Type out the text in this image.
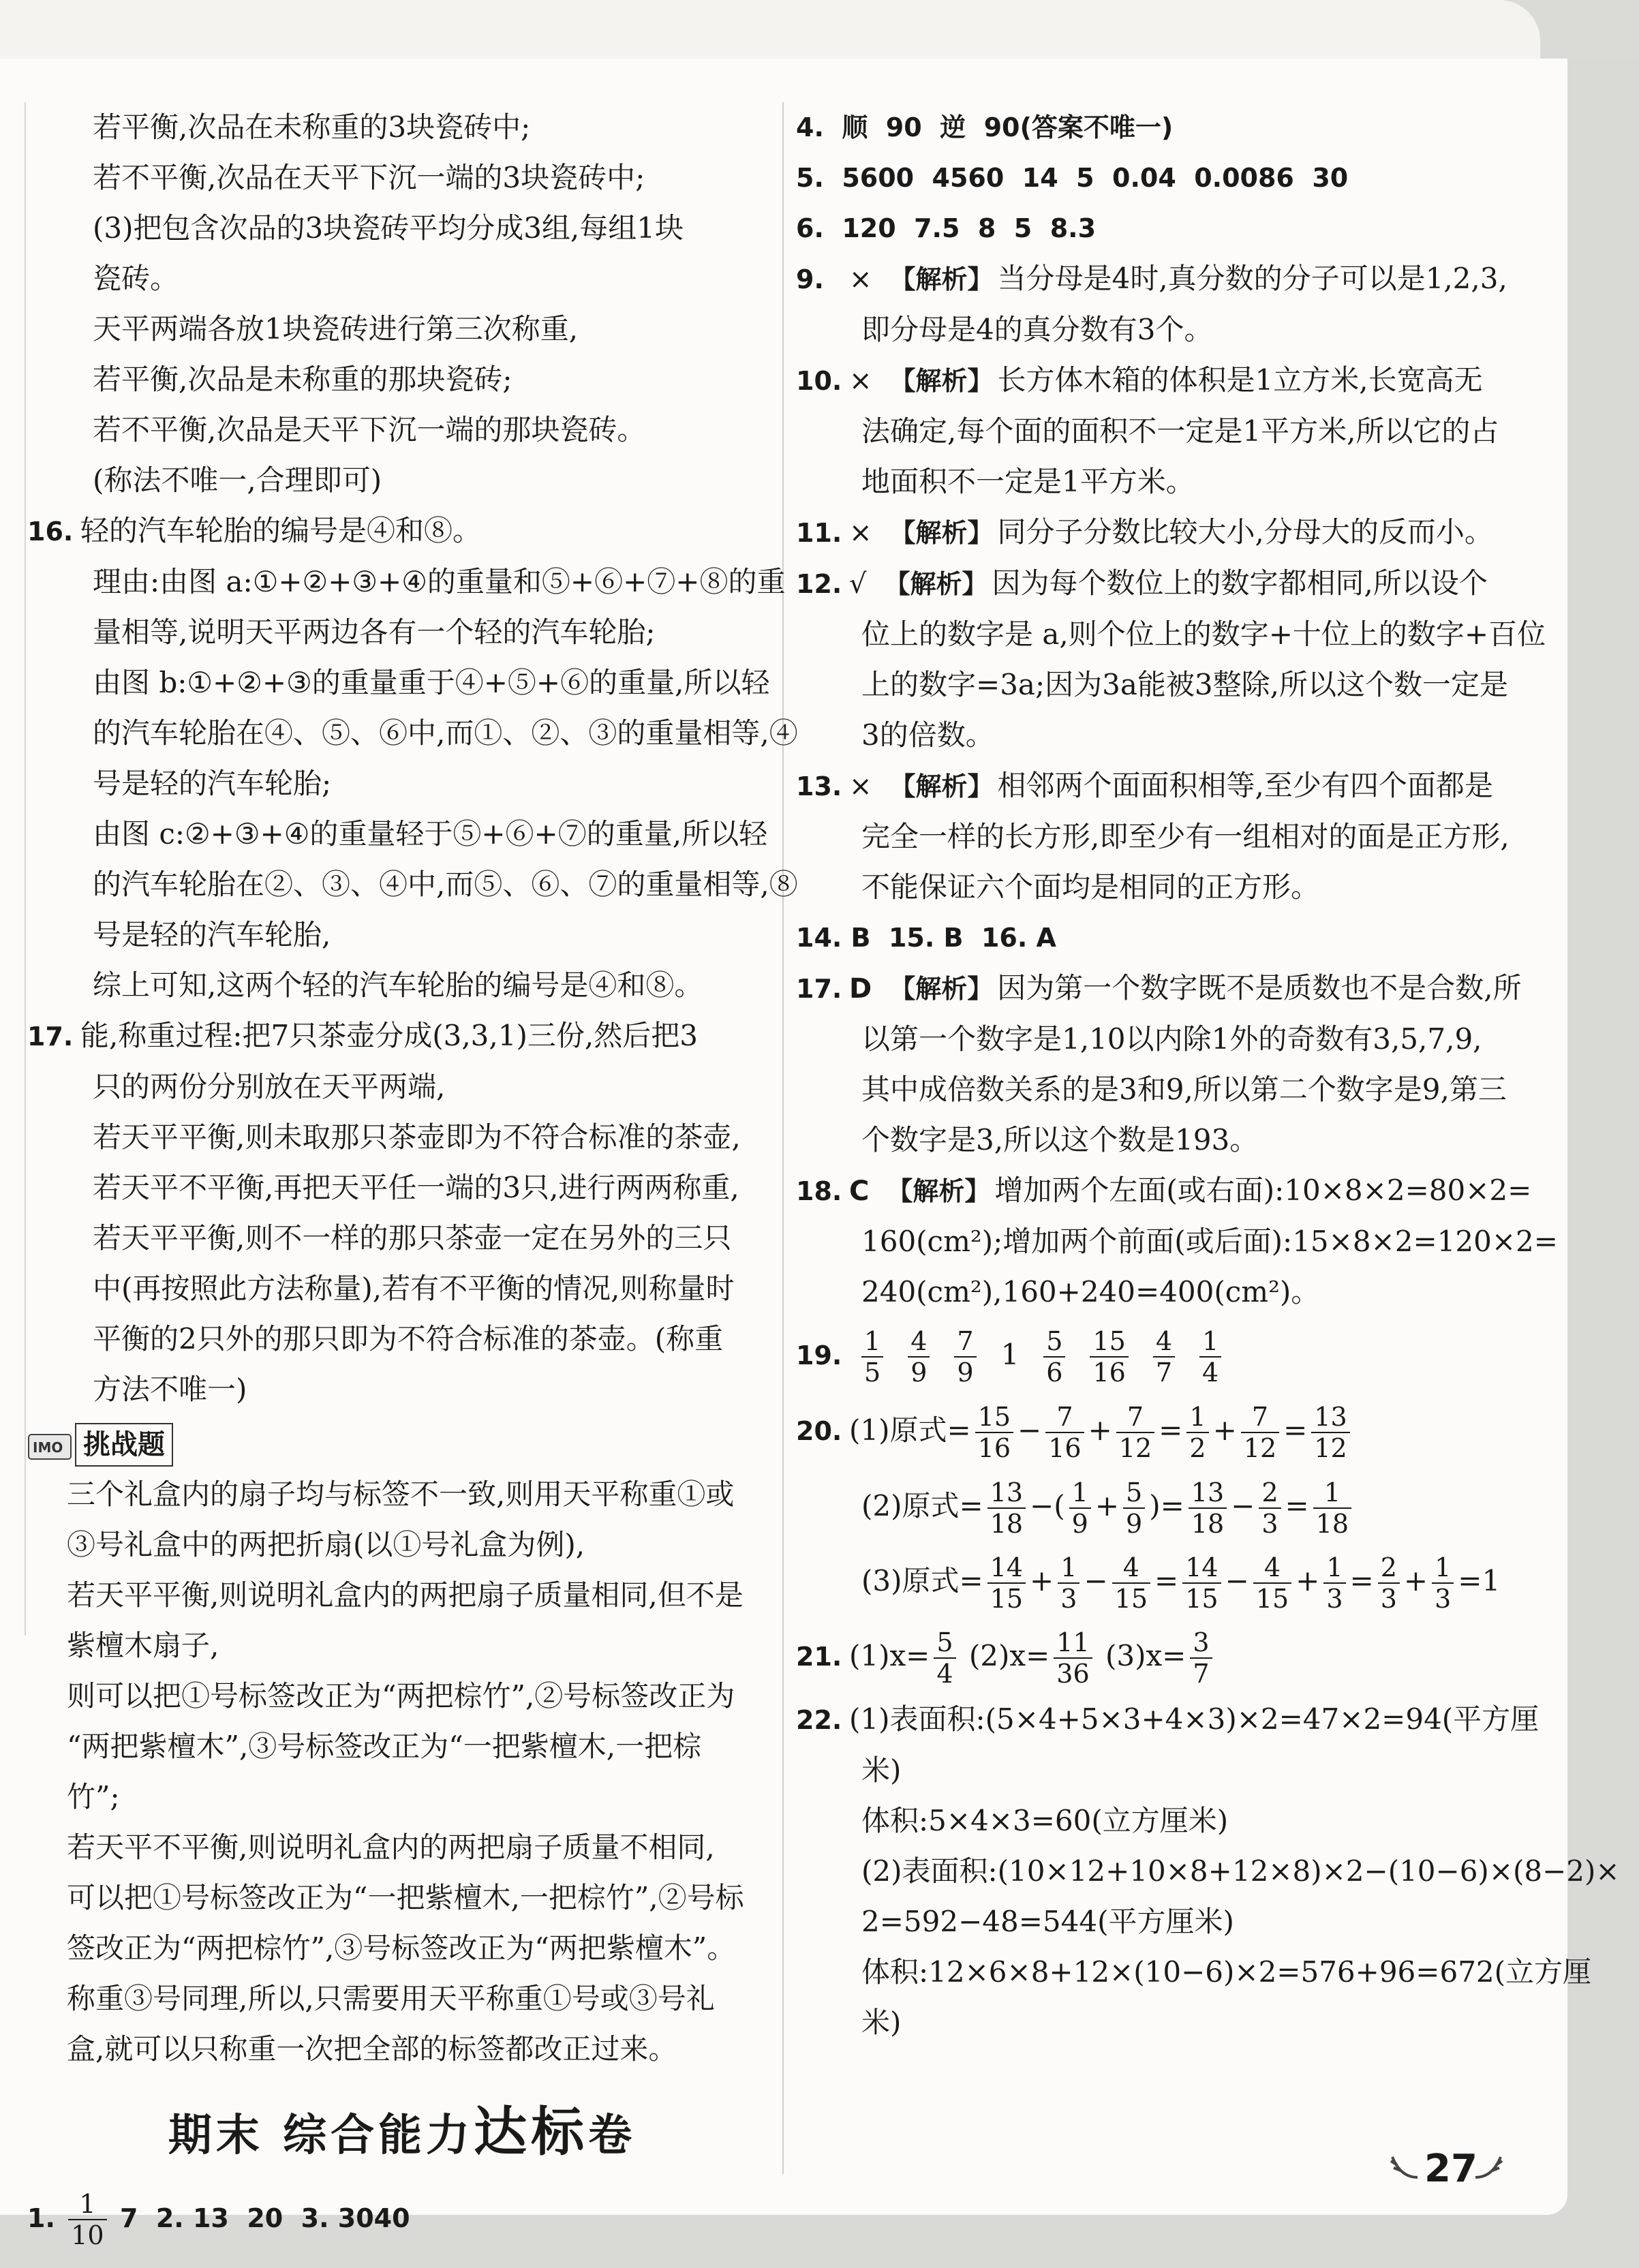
若平衡,次品在未称重的3块瓷砖中;
若不平衡,次品在天平下沉一端的3块瓷砖中;
(3)把包含次品的3块瓷砖平均分成3组,每组1块
瓷砖。
天平两端各放1块瓷砖进行第三次称重,
若平衡,次品是未称重的那块瓷砖;
若不平衡,次品是天平下沉一端的那块瓷砖。
(称法不唯一,合理即可)
16. 轻的汽车轮胎的编号是④和⑧。
理由:由图 a:①+②+③+④的重量和⑤+⑥+⑦+⑧的重
量相等,说明天平两边各有一个轻的汽车轮胎;
由图 b:①+②+③的重量重于④+⑤+⑥的重量,所以轻
的汽车轮胎在④、⑤、⑥中,而①、②、③的重量相等,④
号是轻的汽车轮胎;
由图 c:②+③+④的重量轻于⑤+⑥+⑦的重量,所以轻
的汽车轮胎在②、③、④中,而⑤、⑥、⑦的重量相等,⑧
号是轻的汽车轮胎,
综上可知,这两个轻的汽车轮胎的编号是④和⑧。
17. 能,称重过程:把7只茶壶分成(3,3,1)三份,然后把3
只的两份分别放在天平两端,
若天平平衡,则未取那只茶壶即为不符合标准的茶壶,
若天平不平衡,再把天平任一端的3只,进行两两称重,
若天平平衡,则不一样的那只茶壶一定在另外的三只
中(再按照此方法称量),若有不平衡的情况,则称量时
平衡的2只外的那只即为不符合标准的茶壶。(称重
方法不唯一)
IMO 挑战题
三个礼盒内的扇子均与标签不一致,则用天平称重①或
③号礼盒中的两把折扇(以①号礼盒为例),
若天平平衡,则说明礼盒内的两把扇子质量相同,但不是
紫檀木扇子,
则可以把①号标签改正为“两把棕竹”,②号标签改正为
“两把紫檀木”,③号标签改正为“一把紫檀木,一把棕
竹”;
若天平不平衡,则说明礼盒内的两把扇子质量不相同,
可以把①号标签改正为“一把紫檀木,一把棕竹”,②号标
签改正为“两把棕竹”,③号标签改正为“两把紫檀木”。
称重③号同理,所以,只需要用天平称重①号或③号礼
盒,就可以只称重一次把全部的标签都改正过来。
期末 综合能力达标卷
1. $\frac{1}{10} 7$  2. 13  20  3. 3040
4.  顺  90  逆  90(答案不唯一)
5.  5600  4560  14  5  0.04  0.0086  30
6.  120  7.5  8  5  8.3
9. × 【解析】 当分母是4时,真分数的分子可以是1,2,3,
即分母是4的真分数有3个。
10. × 【解析】 长方体木箱的体积是1立方米,长宽高无
法确定,每个面的面积不一定是1平方米,所以它的占
地面积不一定是1平方米。
11. × 【解析】 同分子分数比较大小,分母大的反而小。
12. √ 【解析】 因为每个数位上的数字都相同,所以设个
位上的数字是 a,则个位上的数字+十位上的数字+百位
上的数字=3a;因为3a能被3整除,所以这个数一定是
3的倍数。
13. × 【解析】 相邻两个面面积相等,至少有四个面都是
完全一样的长方形,即至少有一组相对的面是正方形,
不能保证六个面均是相同的正方形。
14. B  15. B  16. A
17. D 【解析】 因为第一个数字既不是质数也不是合数,所
以第一个数字是1,10以内除1外的奇数有3,5,7,9,
其中成倍数关系的是3和9,所以第二个数字是9,第三
个数字是3,所以这个数是193。
18. C 【解析】 增加两个左面(或右面):10×8×2=80×2=
160(cm²);增加两个前面(或后面):15×8×2=120×2=
240(cm²),160+240=400(cm²)。
19. $\frac{1}{5} \frac{4}{9} \frac{7}{9} 1 \frac{5}{6} \frac{15}{16} \frac{4}{7} \frac{1}{4}$
20. (1)原式= $\frac{15}{16} - \frac{7}{16} + \frac{7}{12} = \frac{1}{2} + \frac{7}{12} = \frac{13}{12}$
(2)原式= $\frac{13}{18}$ −( $\frac{1}{9} + \frac{5}{9}$ )= $\frac{13}{18} - \frac{2}{3} = \frac{1}{18}$
(3)原式= $\frac{14}{15} + \frac{1}{3} - \frac{4}{15} = \frac{14}{15} - \frac{4}{15} + \frac{1}{3} = \frac{2}{3} + \frac{1}{3} =1$
21. $(1)x= \frac{5}{4} (2)x= \frac{11}{36} (3)x= \frac{3}{7}$
22. (1)表面积:(5×4+5×3+4×3)×2=47×2=94(平方厘
米)
体积:5×4×3=60(立方厘米)
(2)表面积:(10×12+10×8+12×8)×2−(10−6)×(8−2)×
2=592−48=544(平方厘米)
体积:12×6×8+12×(10−6)×2=576+96=672(立方厘
米)
27
